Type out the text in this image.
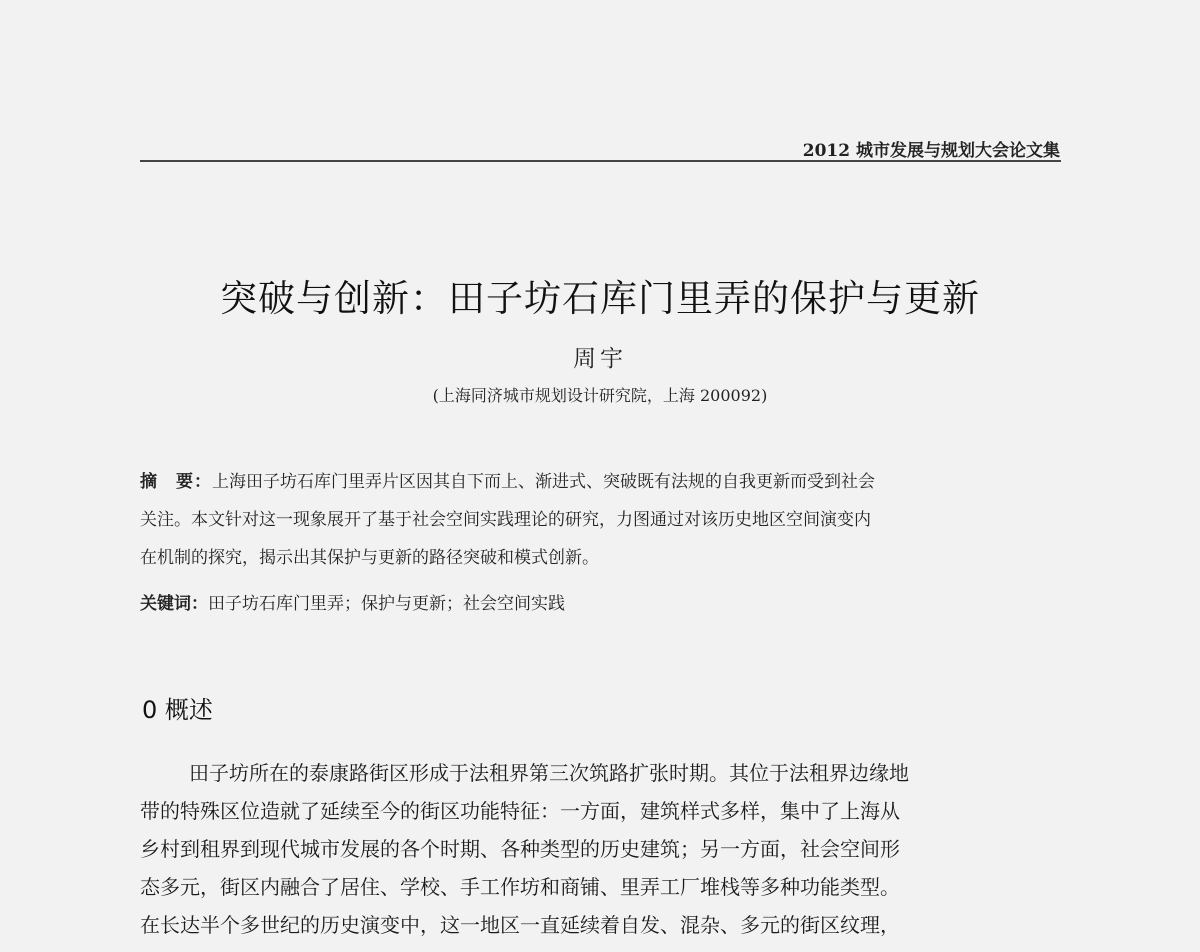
2012 城市发展与规划大会论文集
突破与创新：田子坊石库门里弄的保护与更新
周宇
(上海同济城市规划设计研究院，上海 200092)
摘　要：上海田子坊石库门里弄片区因其自下而上、渐进式、突破既有法规的自我更新而受到社会
关注。本文针对这一现象展开了基于社会空间实践理论的研究，力图通过对该历史地区空间演变内
在机制的探究，揭示出其保护与更新的路径突破和模式创新。
关键词：田子坊石库门里弄；保护与更新；社会空间实践
0 概述
田子坊所在的泰康路街区形成于法租界第三次筑路扩张时期。其位于法租界边缘地
带的特殊区位造就了延续至今的街区功能特征：一方面，建筑样式多样，集中了上海从
乡村到租界到现代城市发展的各个时期、各种类型的历史建筑；另一方面，社会空间形
态多元，街区内融合了居住、学校、手工作坊和商铺、里弄工厂堆栈等多种功能类型。
在长达半个多世纪的历史演变中，这一地区一直延续着自发、混杂、多元的街区纹理，
